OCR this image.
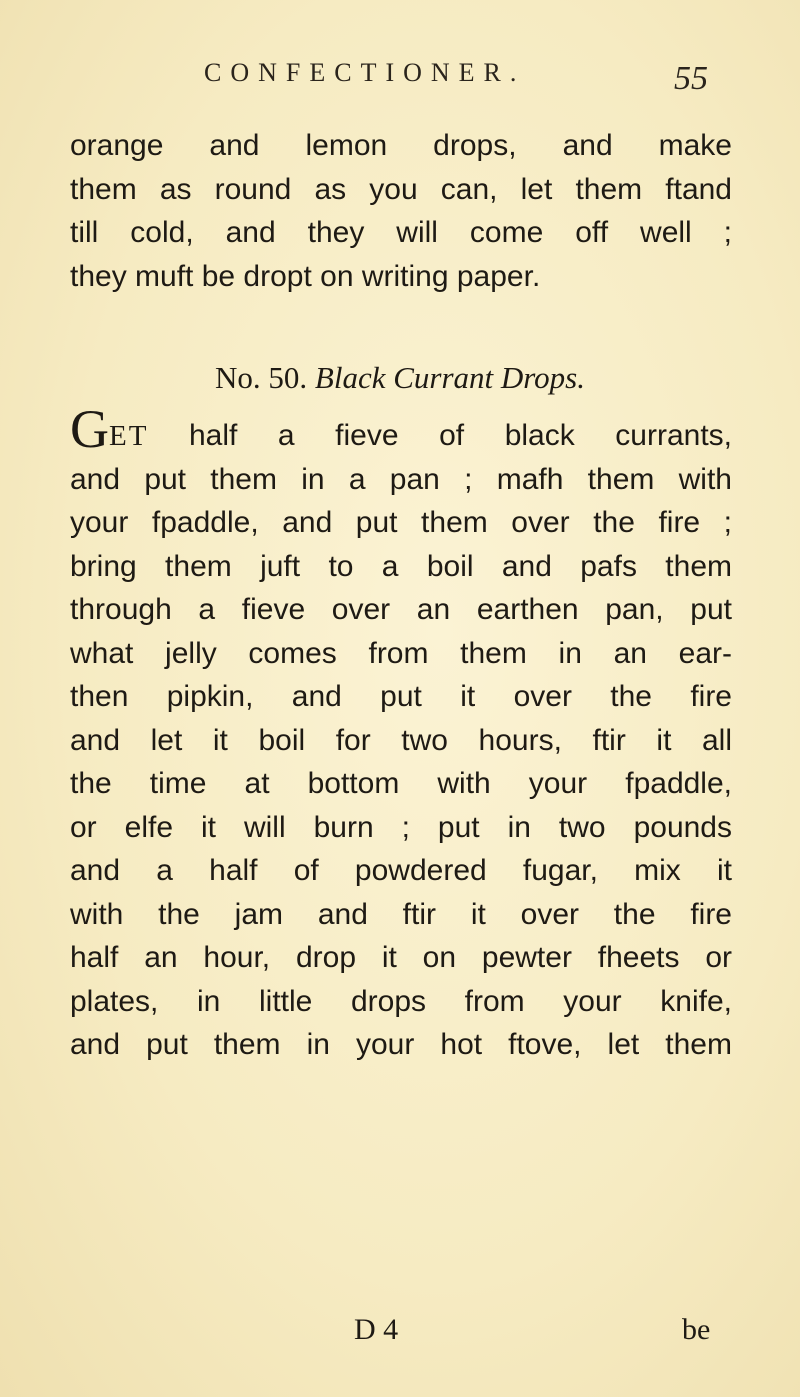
CONFECTIONER.	55
orange and lemon drops, and make
them as round as you can, let them ftand
till cold, and they will come off well ;
they muft be dropt on writing paper.
No. 50. Black Currant Drops.
GET half a fieve of black currants,
and put them in a pan ; mafh them with
your fpaddle, and put them over the fire ;
bring them juft to a boil and pafs them
through a fieve over an earthen pan, put
what jelly comes from them in an ear-
then pipkin, and put it over the fire
and let it boil for two hours, ftir it all
the time at bottom with your fpaddle,
or elfe it will burn ; put in two pounds
and a half of powdered fugar, mix it
with the jam and ftir it over the fire
half an hour, drop it on pewter fheets or
plates, in little drops from your knife,
and put them in your hot ftove, let them
D 4	be
